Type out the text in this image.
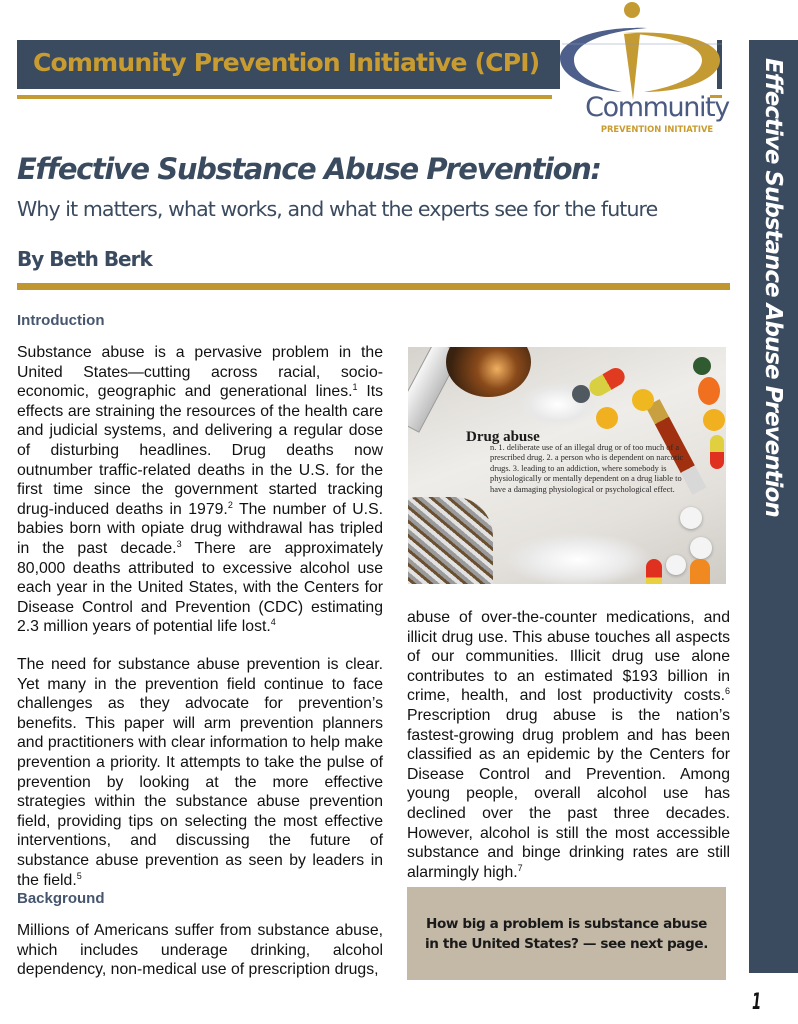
Community Prevention Initiative (CPI)
Community
PREVENTION INITIATIVE	Effective Substance Abuse Prevention
Effective Substance Abuse Prevention:
Why it matters, what works, and what the experts see for the future
By Beth Berk
Introduction

Substance abuse is a pervasive problem in the United States—cutting across racial, socio-economic, geographic and generational lines.$^1$ Its effects are straining the resources of the health care and judicial systems, and delivering a regular dose of disturbing headlines. Drug deaths now outnumber traffic-related deaths in the U.S. for the first time since the government started tracking drug-induced deaths in 1979.$^2$ The number of U.S. babies born with opiate drug withdrawal has tripled in the past decade.$^3$ There are approximately 80,000 deaths attributed to excessive alcohol use each year in the United States, with the Centers for Disease Control and Prevention (CDC) estimating 2.3 million years of potential life lost.$^4$

The need for substance abuse prevention is clear. Yet many in the prevention field continue to face challenges as they advocate for prevention’s benefits. This paper will arm prevention planners and practitioners with clear information to help make prevention a priority. It attempts to take the pulse of prevention by looking at the more effective strategies within the substance abuse prevention field, providing tips on selecting the most effective interventions, and discussing the future of substance abuse prevention as seen by leaders in the field.$^5$

Background

Millions of Americans suffer from substance abuse, which includes underage drinking, alcohol dependency, non-medical use of prescription drugs,

Drug abuse
n. 1. deliberate use of an illegal drug or of too much of a prescribed drug. 2. a person who is dependent on narcotic drugs. 3. leading to an addiction, where somebody is physiologically or mentally dependent on a drug liable to have a damaging physiological or psychological effect.

abuse of over-the-counter medications, and illicit drug use. This abuse touches all aspects of our communities. Illicit drug use alone contributes to an estimated $193 billion in crime, health, and lost productivity costs.$^6$ Prescription drug abuse is the nation’s fastest-growing drug problem and has been classified as an epidemic by the Centers for Disease Control and Prevention. Among young people, overall alcohol use has declined over the past three decades. However, alcohol is still the most accessible substance and binge drinking rates are still alarmingly high.$^7$

How big a problem is substance abuse
in the United States? — see next page.
1
